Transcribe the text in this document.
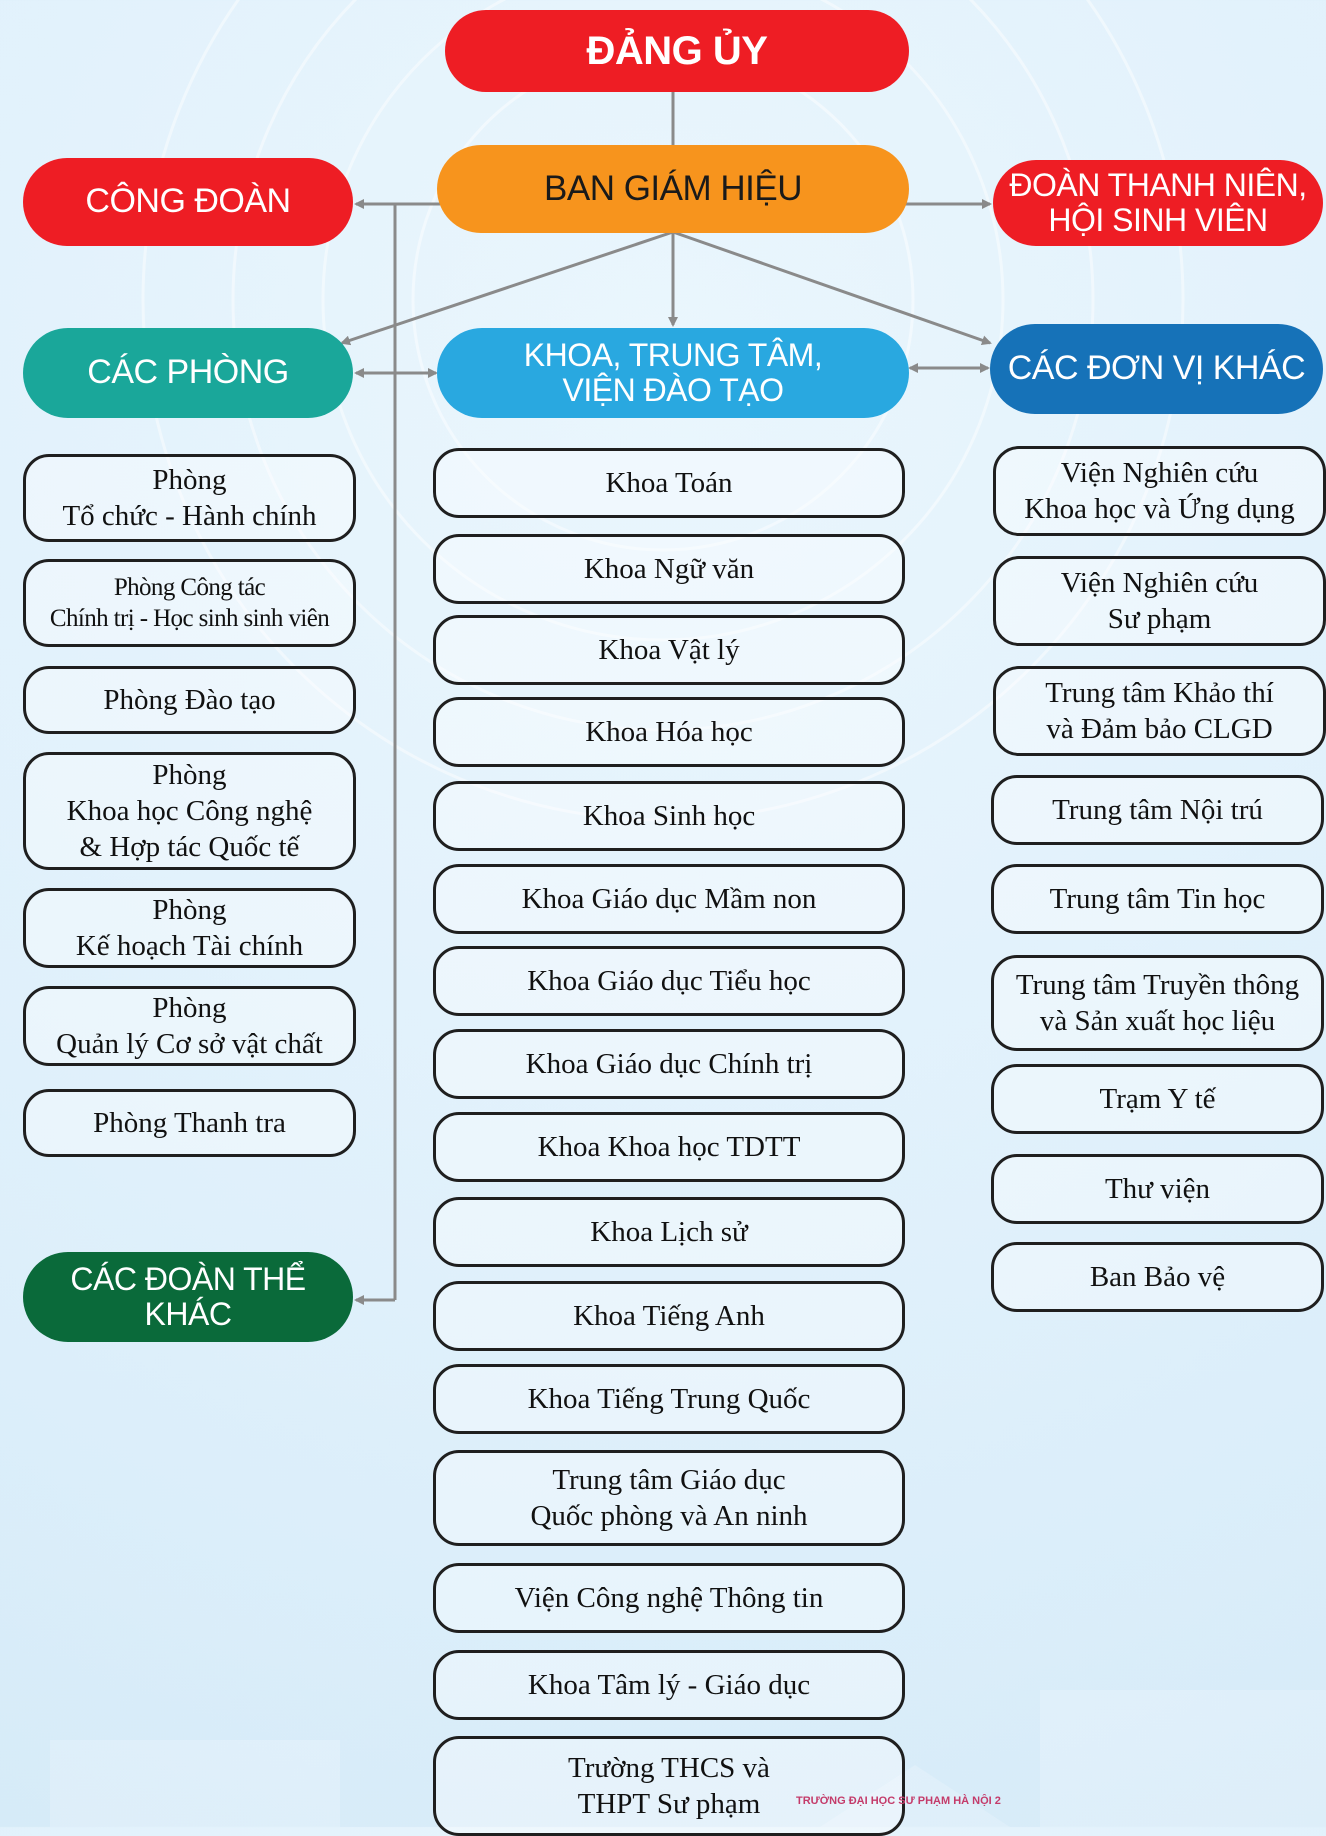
ĐẢNG ỦY
BAN GIÁM HIỆU
CÔNG ĐOÀN	ĐOÀN THANH NIÊN,
HỘI SINH VIÊN
CÁC PHÒNG	KHOA, TRUNG TÂM,
VIỆN ĐÀO TẠO
CÁC ĐƠN VỊ KHÁC
CÁC ĐOÀN THỂ KHÁC
Phòng
Tổ chức - Hành chính
Phòng Công tác
Chính trị - Học sinh sinh viên
Phòng Đào tạo
Phòng
Khoa học Công nghệ
& Hợp tác Quốc tế
Phòng
Kế hoạch Tài chính
Phòng
Quản lý Cơ sở vật chất
Phòng Thanh tra
Khoa Toán
Khoa Ngữ văn
Khoa Vật lý
Khoa Hóa học
Khoa Sinh học
Khoa Giáo dục Mầm non
Khoa Giáo dục Tiểu học
Khoa Giáo dục Chính trị
Khoa Khoa học TDTT
Khoa Lịch sử
Khoa Tiếng Anh
Khoa Tiếng Trung Quốc
Trung tâm Giáo dục
Quốc phòng và An ninh
Viện Công nghệ Thông tin
Khoa Tâm lý - Giáo dục
Trường THCS và
THPT Sư phạm
Viện Nghiên cứu
Khoa học và Ứng dụng
Viện Nghiên cứu
Sư phạm
Trung tâm Khảo thí
và Đảm bảo CLGD
Trung tâm Nội trú
Trung tâm Tin học
Trung tâm Truyền thông
và Sản xuất học liệu
Trạm Y tế
Thư viện
Ban Bảo vệ
TRƯỜNG ĐẠI HỌC SƯ PHẠM HÀ NỘI 2
